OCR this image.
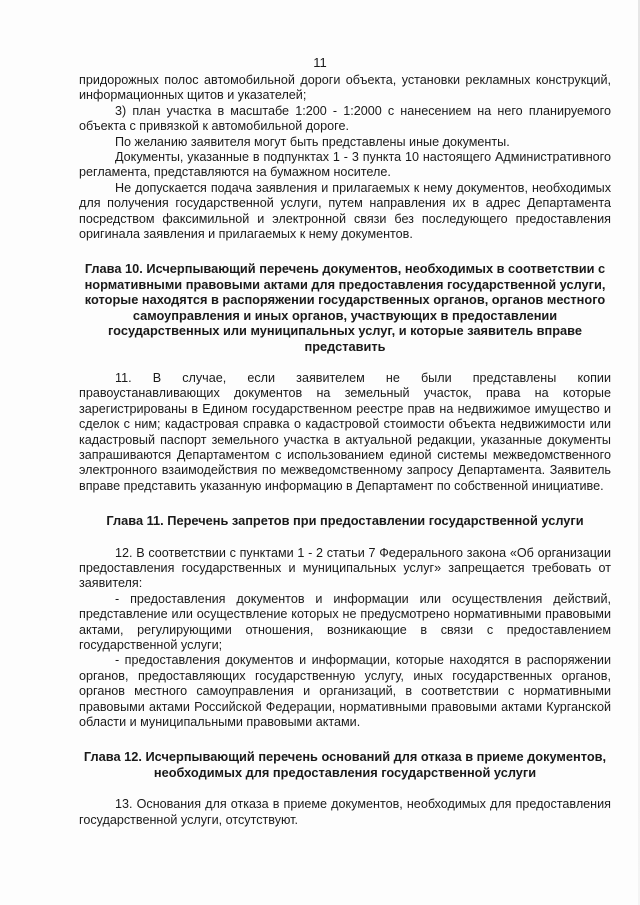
11

придорожных полос автомобильной дороги объекта, установки рекламных конструкций, информационных щитов и указателей;

3) план участка в масштабе 1:200 - 1:2000 с нанесением на него планируемого объекта с привязкой к автомобильной дороге.

По желанию заявителя могут быть представлены иные документы.

Документы, указанные в подпунктах 1 - 3 пункта 10 настоящего Административного регламента, представляются на бумажном носителе.

Не допускается подача заявления и прилагаемых к нему документов, необходимых для получения государственной услуги, путем направления их в адрес Департамента посредством факсимильной и электронной связи без последующего предоставления оригинала заявления и прилагаемых к нему документов.

Глава 10. Исчерпывающий перечень документов, необходимых в соответствии с нормативными правовыми актами для предоставления государственной услуги, которые находятся в распоряжении государственных органов, органов местного самоуправления и иных органов, участвующих в предоставлении государственных или муниципальных услуг, и которые заявитель вправе представить

11. В случае, если заявителем не были представлены копии правоустанавливающих документов на земельный участок, права на которые зарегистрированы в Едином государственном реестре прав на недвижимое имущество и сделок с ним; кадастровая справка о кадастровой стоимости объекта недвижимости или кадастровый паспорт земельного участка в актуальной редакции, указанные документы запрашиваются Департаментом с использованием единой системы межведомственного электронного взаимодействия по межведомственному запросу Департамента. Заявитель вправе представить указанную информацию в Департамент по собственной инициативе.

Глава 11. Перечень запретов при предоставлении государственной услуги

12. В соответствии с пунктами 1 - 2 статьи 7 Федерального закона «Об организации предоставления государственных и муниципальных услуг» запрещается требовать от заявителя:

- предоставления документов и информации или осуществления действий, представление или осуществление которых не предусмотрено нормативными правовыми актами, регулирующими отношения, возникающие в связи с предоставлением государственной услуги;

- предоставления документов и информации, которые находятся в распоряжении органов, предоставляющих государственную услугу, иных государственных органов, органов местного самоуправления и организаций, в соответствии с нормативными правовыми актами Российской Федерации, нормативными правовыми актами Курганской области и муниципальными правовыми актами.

Глава 12. Исчерпывающий перечень оснований для отказа в приеме документов, необходимых для предоставления государственной услуги

13. Основания для отказа в приеме документов, необходимых для предоставления государственной услуги, отсутствуют.
